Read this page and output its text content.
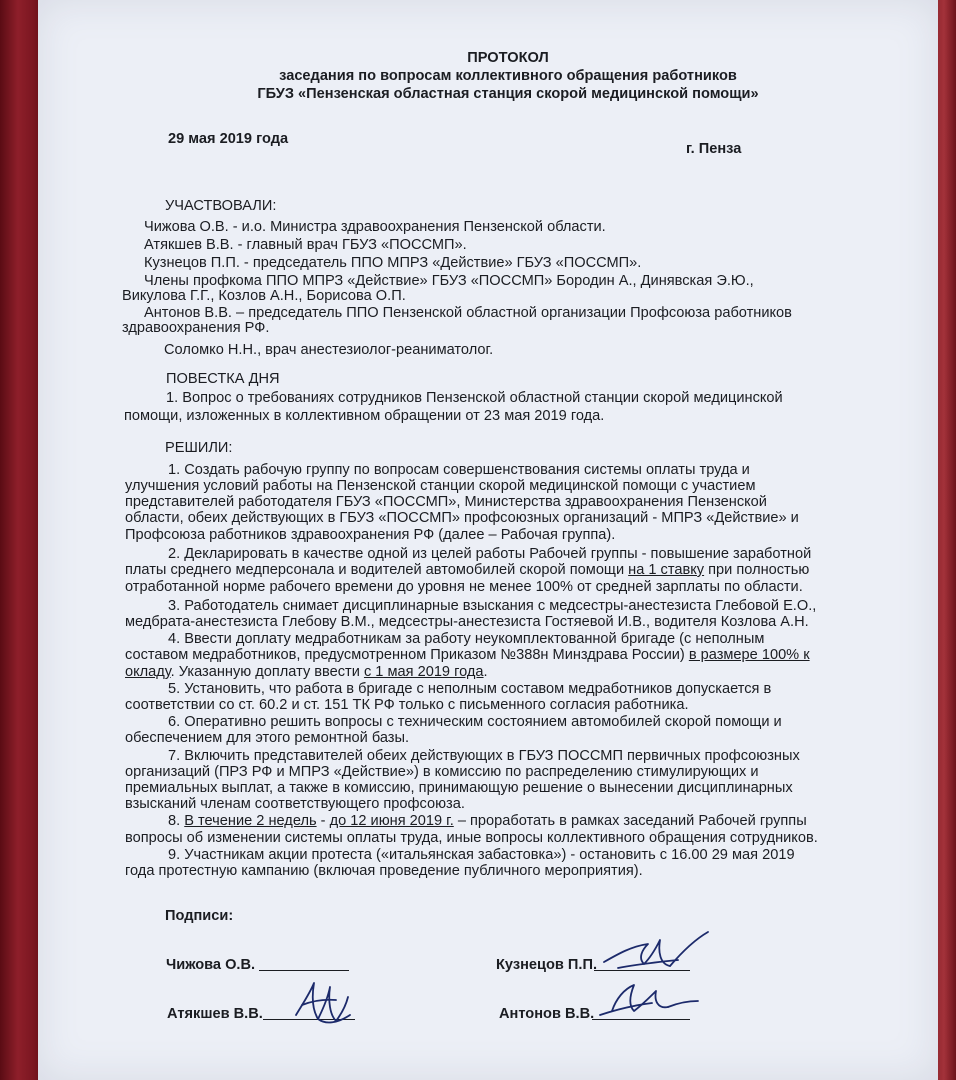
ПРОТОКОЛ
заседания по вопросам коллективного обращения работников
ГБУЗ «Пензенская областная станция скорой медицинской помощи»
29 мая 2019 года
г. Пенза
УЧАСТВОВАЛИ:
Чижова О.В. - и.о. Министра здравоохранения Пензенской области.
Атякшев В.В. - главный врач ГБУЗ «ПОССМП».
Кузнецов П.П. - председатель ППО МПРЗ «Действие» ГБУЗ «ПОССМП».
Члены профкома ППО МПРЗ «Действие» ГБУЗ «ПОССМП» Бородин А., Динявская Э.Ю.,
Викулова Г.Г., Козлов А.Н., Борисова О.П.
Антонов В.В. – председатель ППО Пензенской областной организации Профсоюза работников
здравоохранения РФ.
Соломко Н.Н., врач анестезиолог-реаниматолог.
ПОВЕСТКА ДНЯ
1. Вопрос о требованиях сотрудников Пензенской областной станции скорой медицинской
помощи, изложенных в коллективном обращении от 23 мая 2019 года.
РЕШИЛИ:
1. Создать рабочую группу по вопросам совершенствования системы оплаты труда и
улучшения условий работы на Пензенской станции скорой медицинской помощи с участием
представителей работодателя ГБУЗ «ПОССМП», Министерства здравоохранения Пензенской
области, обеих действующих в ГБУЗ «ПОССМП» профсоюзных организаций - МПРЗ «Действие» и
Профсоюза работников здравоохранения РФ (далее – Рабочая группа).
2. Декларировать в качестве одной из целей работы Рабочей группы - повышение заработной
платы среднего медперсонала и водителей автомобилей скорой помощи на 1 ставку при полностью
отработанной норме рабочего времени до уровня не менее 100% от средней зарплаты по области.
3. Работодатель снимает дисциплинарные взыскания с медсестры-анестезиста Глебовой Е.О.,
медбрата-анестезиста Глебову В.М., медсестры-анестезиста Гостяевой И.В., водителя Козлова А.Н.
4. Ввести доплату медработникам за работу неукомплектованной бригаде (с неполным
составом медработников, предусмотренном Приказом №388н Минздрава России) в размере 100% к
окладу. Указанную доплату ввести с 1 мая 2019 года.
5. Установить, что работа в бригаде с неполным составом медработников допускается в
соответствии со ст. 60.2 и ст. 151 ТК РФ только с письменного согласия работника.
6. Оперативно решить вопросы с техническим состоянием автомобилей скорой помощи и
обеспечением для этого ремонтной базы.
7. Включить представителей обеих действующих в ГБУЗ ПОССМП первичных профсоюзных
организаций (ПРЗ РФ и МПРЗ «Действие») в комиссию по распределению стимулирующих и
премиальных выплат, а также в комиссию, принимающую решение о вынесении дисциплинарных
взысканий членам соответствующего профсоюза.
8. В течение 2 недель - до 12 июня 2019 г. – проработать в рамках заседаний Рабочей группы
вопросы об изменении системы оплаты труда, иные вопросы коллективного обращения сотрудников.
9. Участникам акции протеста («итальянская забастовка») - остановить с 16.00 29 мая 2019
года протестную кампанию (включая проведение публичного мероприятия).
Подписи:
Чижова О.В.
Атякшев В.В.
Кузнецов П.П.
Антонов В.В.
